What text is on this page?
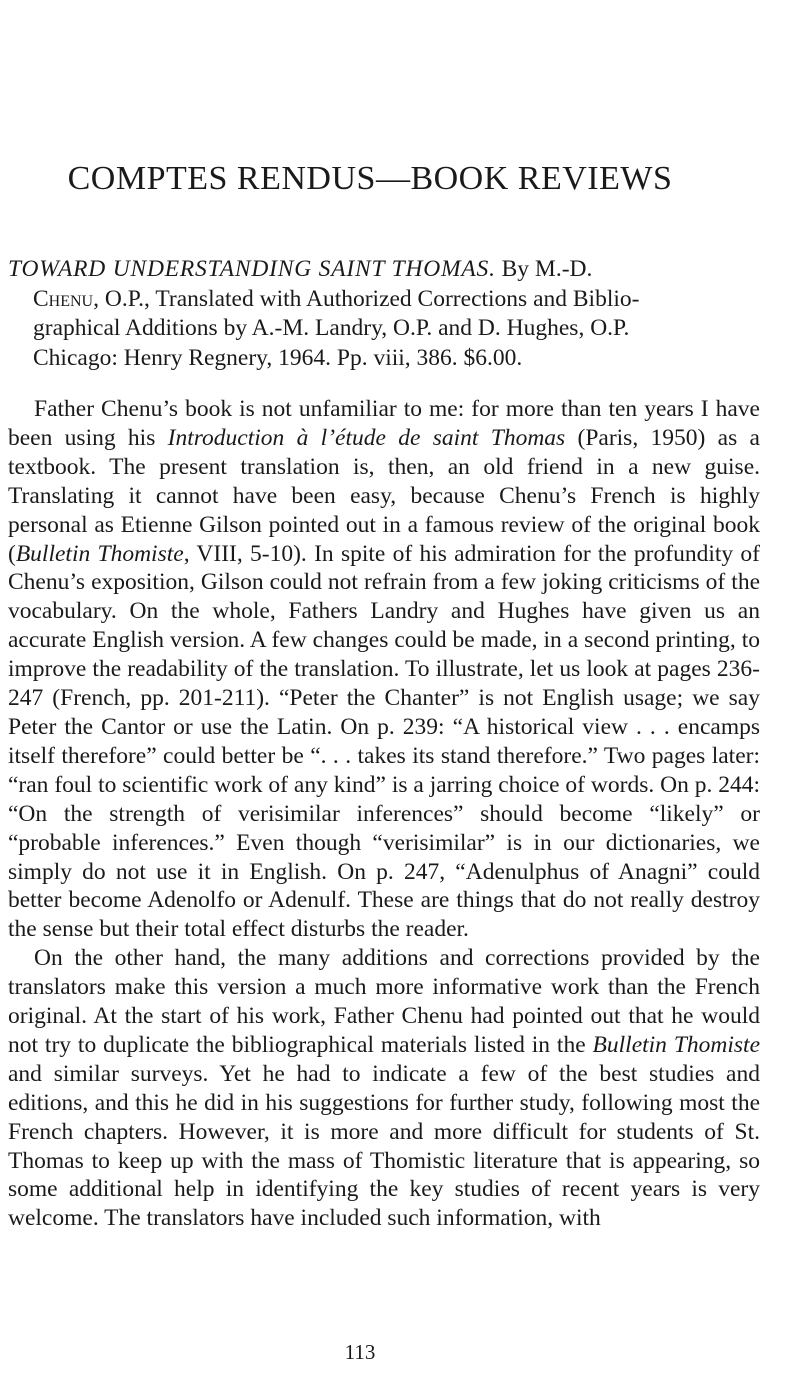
COMPTES RENDUS—BOOK REVIEWS
TOWARD UNDERSTANDING SAINT THOMAS. By M.-D.
Chenu, O.P., Translated with Authorized Corrections and Biblio-
graphical Additions by A.-M. Landry, O.P. and D. Hughes, O.P.
Chicago: Henry Regnery, 1964. Pp. viii, 386. $6.00.

Father Chenu’s book is not unfamiliar to me: for more than ten years I have been using his Introduction à l’étude de saint Thomas (Paris, 1950) as a textbook. The present translation is, then, an old friend in a new guise. Translating it cannot have been easy, because Chenu’s French is highly personal as Etienne Gilson pointed out in a famous review of the original book (Bulletin Thomiste, VIII, 5-10). In spite of his admiration for the profundity of Chenu’s exposition, Gilson could not refrain from a few joking criticisms of the vocabulary. On the whole, Fathers Landry and Hughes have given us an accurate English version. A few changes could be made, in a second printing, to improve the readability of the translation. To illustrate, let us look at pages 236-247 (French, pp. 201-211). “Peter the Chanter” is not English usage; we say Peter the Cantor or use the Latin. On p. 239: “A historical view . . . encamps itself therefore” could better be “. . . takes its stand therefore.” Two pages later: “ran foul to scientific work of any kind” is a jarring choice of words. On p. 244: “On the strength of verisimilar inferences” should become “likely” or “probable inferences.” Even though “verisimilar” is in our dictionaries, we simply do not use it in English. On p. 247, “Adenulphus of Anagni” could better become Adenolfo or Adenulf. These are things that do not really destroy the sense but their total effect disturbs the reader.

On the other hand, the many additions and corrections provided by the translators make this version a much more informative work than the French original. At the start of his work, Father Chenu had pointed out that he would not try to duplicate the bibliographical materials listed in the Bulletin Thomiste and similar surveys. Yet he had to indicate a few of the best studies and editions, and this he did in his suggestions for further study, following most the French chapters. However, it is more and more difficult for students of St. Thomas to keep up with the mass of Thomistic literature that is appearing, so some additional help in identifying the key studies of recent years is very welcome. The translators have included such information, with

113
